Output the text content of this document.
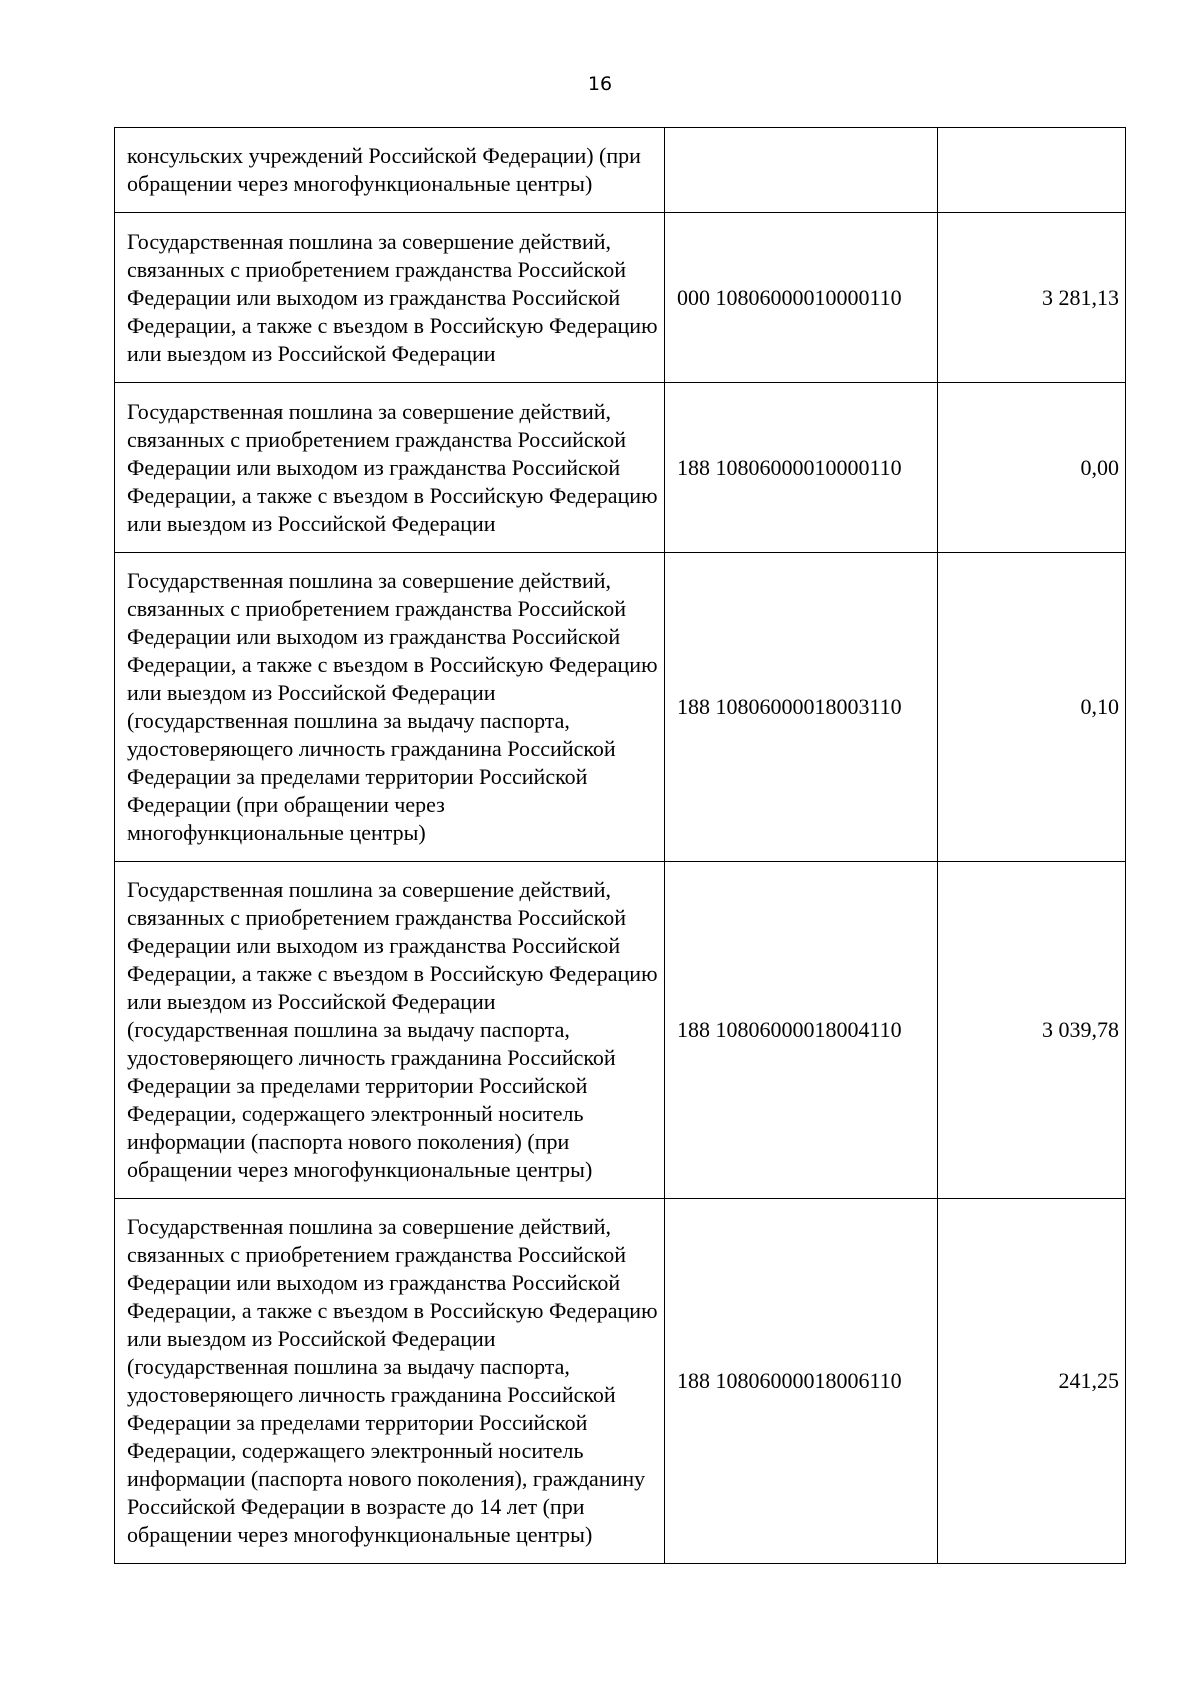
16
консульских учреждений Российской Федерации) (при обращении через многофункциональные центры)		
Государственная пошлина за совершение действий, связанных с приобретением гражданства Российской Федерации или выходом из гражданства Российской Федерации, а также с въездом в Российскую Федерацию или выездом из Российской Федерации	000 10806000010000110	3 281,13
Государственная пошлина за совершение действий, связанных с приобретением гражданства Российской Федерации или выходом из гражданства Российской Федерации, а также с въездом в Российскую Федерацию или выездом из Российской Федерации	188 10806000010000110	0,00
Государственная пошлина за совершение действий, связанных с приобретением гражданства Российской Федерации или выходом из гражданства Российской Федерации, а также с въездом в Российскую Федерацию или выездом из Российской Федерации (государственная пошлина за выдачу паспорта, удостоверяющего личность гражданина Российской Федерации за пределами территории Российской Федерации (при обращении через многофункциональные центры)	188 10806000018003110	0,10
Государственная пошлина за совершение действий, связанных с приобретением гражданства Российской Федерации или выходом из гражданства Российской Федерации, а также с въездом в Российскую Федерацию или выездом из Российской Федерации (государственная пошлина за выдачу паспорта, удостоверяющего личность гражданина Российской Федерации за пределами территории Российской Федерации, содержащего электронный носитель информации (паспорта нового поколения) (при обращении через многофункциональные центры)	188 10806000018004110	3 039,78
Государственная пошлина за совершение действий, связанных с приобретением гражданства Российской Федерации или выходом из гражданства Российской Федерации, а также с въездом в Российскую Федерацию или выездом из Российской Федерации (государственная пошлина за выдачу паспорта, удостоверяющего личность гражданина Российской Федерации за пределами территории Российской Федерации, содержащего электронный носитель информации (паспорта нового поколения), гражданину Российской Федерации в возрасте до 14 лет (при обращении через многофункциональные центры)	188 10806000018006110	241,25
